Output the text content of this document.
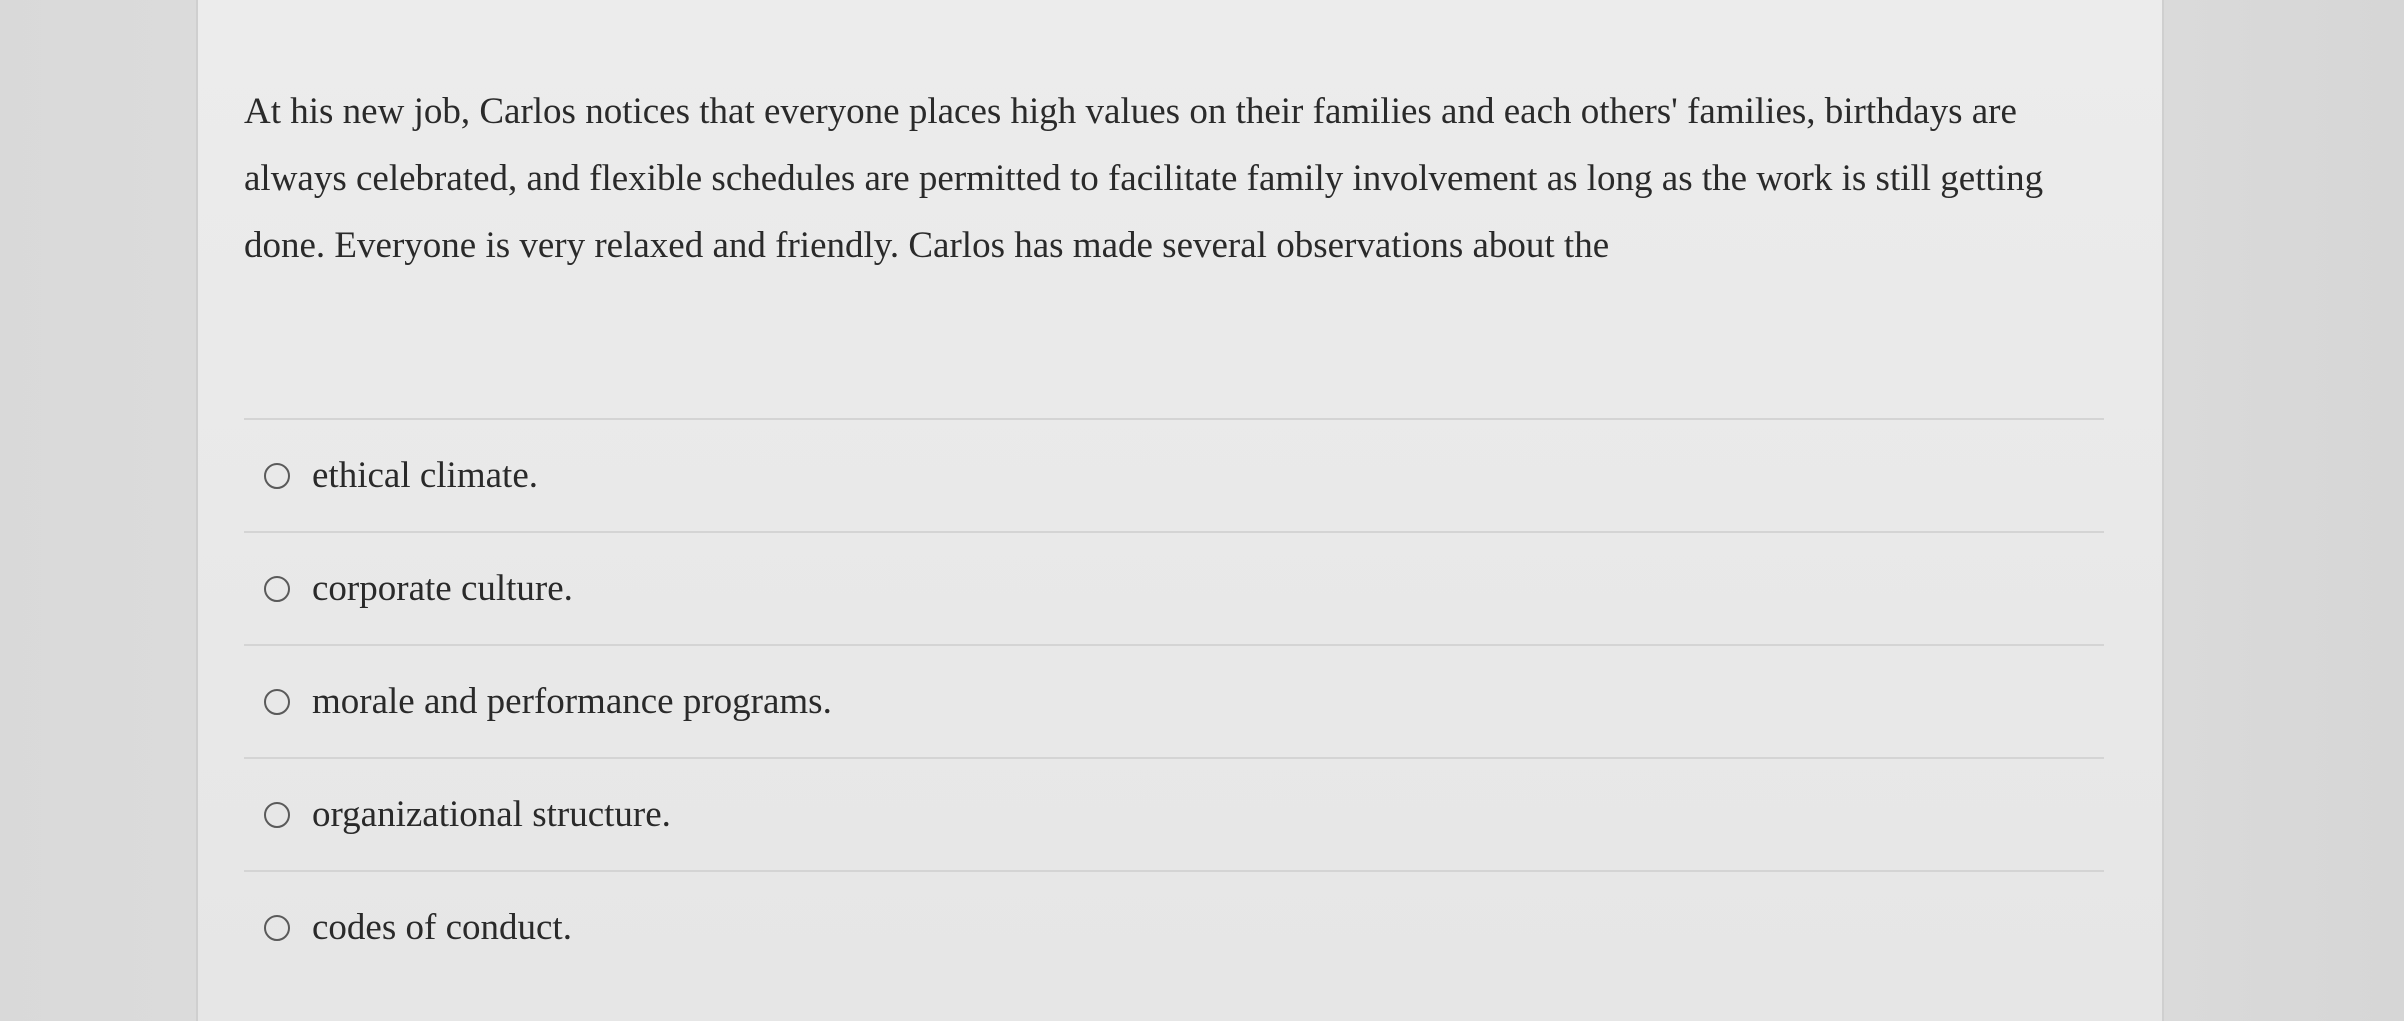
At his new job, Carlos notices that everyone places high values on their families and each others' families, birthdays are always celebrated, and flexible schedules are permitted to facilitate family involvement as long as the work is still getting done. Everyone is very relaxed and friendly. Carlos has made several observations about the

ethical climate.
corporate culture.
morale and performance programs.
organizational structure.
codes of conduct.
